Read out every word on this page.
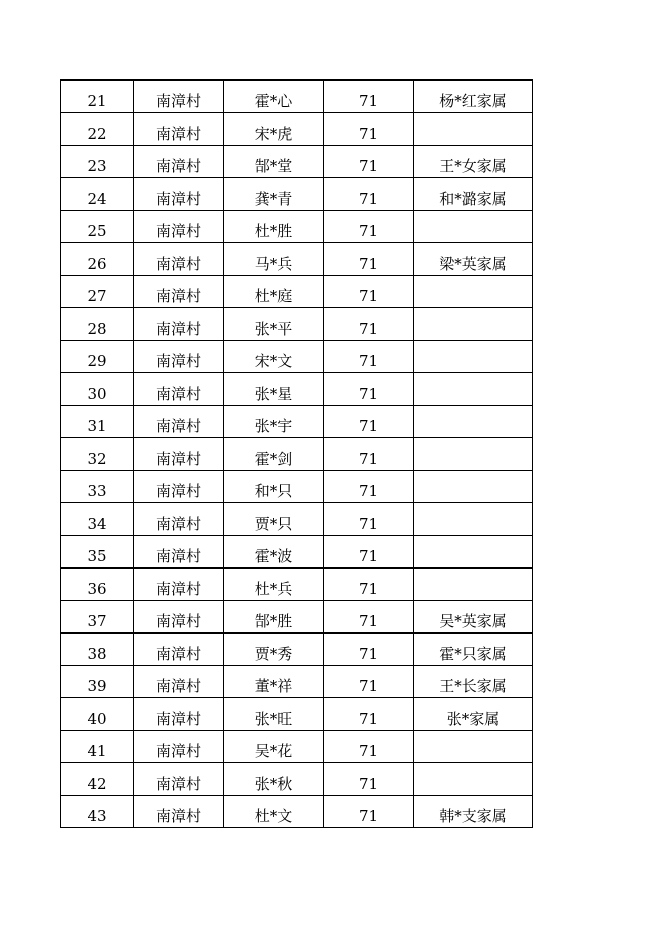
21	南漳村	霍*心	71	杨*红家属
22	南漳村	宋*虎	71	
23	南漳村	郜*堂	71	王*女家属
24	南漳村	龚*青	71	和*潞家属
25	南漳村	杜*胜	71	
26	南漳村	马*兵	71	梁*英家属
27	南漳村	杜*庭	71	
28	南漳村	张*平	71	
29	南漳村	宋*文	71	
30	南漳村	张*星	71	
31	南漳村	张*宇	71	
32	南漳村	霍*剑	71	
33	南漳村	和*只	71	
34	南漳村	贾*只	71	
35	南漳村	霍*波	71	
36	南漳村	杜*兵	71	
37	南漳村	郜*胜	71	吴*英家属
38	南漳村	贾*秀	71	霍*只家属
39	南漳村	董*祥	71	王*长家属
40	南漳村	张*旺	71	张*家属
41	南漳村	吴*花	71	
42	南漳村	张*秋	71	
43	南漳村	杜*文	71	韩*支家属
